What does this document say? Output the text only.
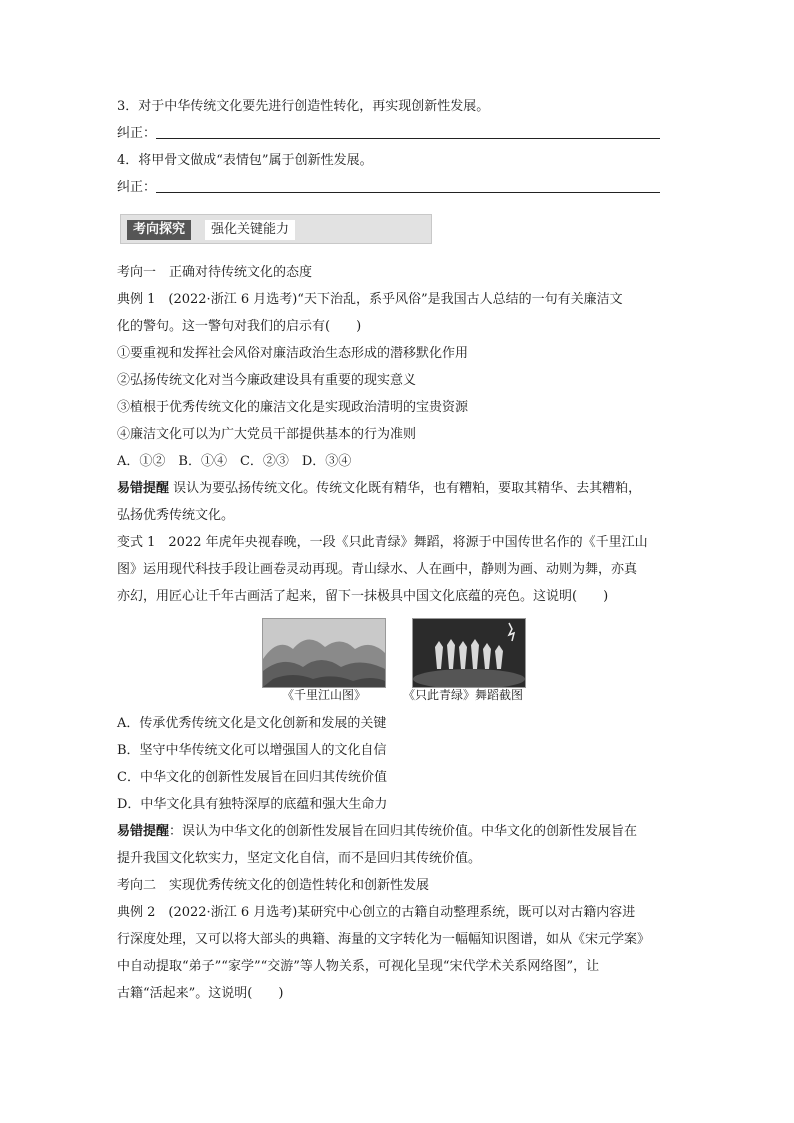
3．对于中华传统文化要先进行创造性转化，再实现创新性发展。
纠正：
4．将甲骨文做成“表情包”属于创新性发展。
纠正：
考向探究	强化关键能力
考向一　正确对待传统文化的态度
典例 1　(2022·浙江 6 月选考)“天下治乱，系乎风俗”是我国古人总结的一句有关廉洁文
化的警句。这一警句对我们的启示有(　　)
①要重视和发挥社会风俗对廉洁政治生态形成的潜移默化作用
②弘扬传统文化对当今廉政建设具有重要的现实意义
③植根于优秀传统文化的廉洁文化是实现政治清明的宝贵资源
④廉洁文化可以为广大党员干部提供基本的行为准则
A．①②　B．①④　C．②③　D．③④
易错提醒 误认为要弘扬传统文化。传统文化既有精华，也有糟粕，要取其精华、去其糟粕，
弘扬优秀传统文化。
变式 1　2022 年虎年央视春晚，一段《只此青绿》舞蹈，将源于中国传世名作的《千里江山
图》运用现代科技手段让画卷灵动再现。青山绿水、人在画中，静则为画、动则为舞，亦真
亦幻，用匠心让千年古画活了起来，留下一抹极具中国文化底蕴的亮色。这说明(　　)
《千里江山图》	《只此青绿》舞蹈截图
A．传承优秀传统文化是文化创新和发展的关键
B．坚守中华传统文化可以增强国人的文化自信
C．中华文化的创新性发展旨在回归其传统价值
D．中华文化具有独特深厚的底蕴和强大生命力
易错提醒：误认为中华文化的创新性发展旨在回归其传统价值。中华文化的创新性发展旨在
提升我国文化软实力，坚定文化自信，而不是回归其传统价值。
考向二　实现优秀传统文化的创造性转化和创新性发展
典例 2　(2022·浙江 6 月选考)某研究中心创立的古籍自动整理系统，既可以对古籍内容进
行深度处理，又可以将大部头的典籍、海量的文字转化为一幅幅知识图谱，如从《宋元学案》
中自动提取“弟子”“家学”“交游”等人物关系，可视化呈现“宋代学术关系网络图”，让
古籍“活起来”。这说明(　　)
